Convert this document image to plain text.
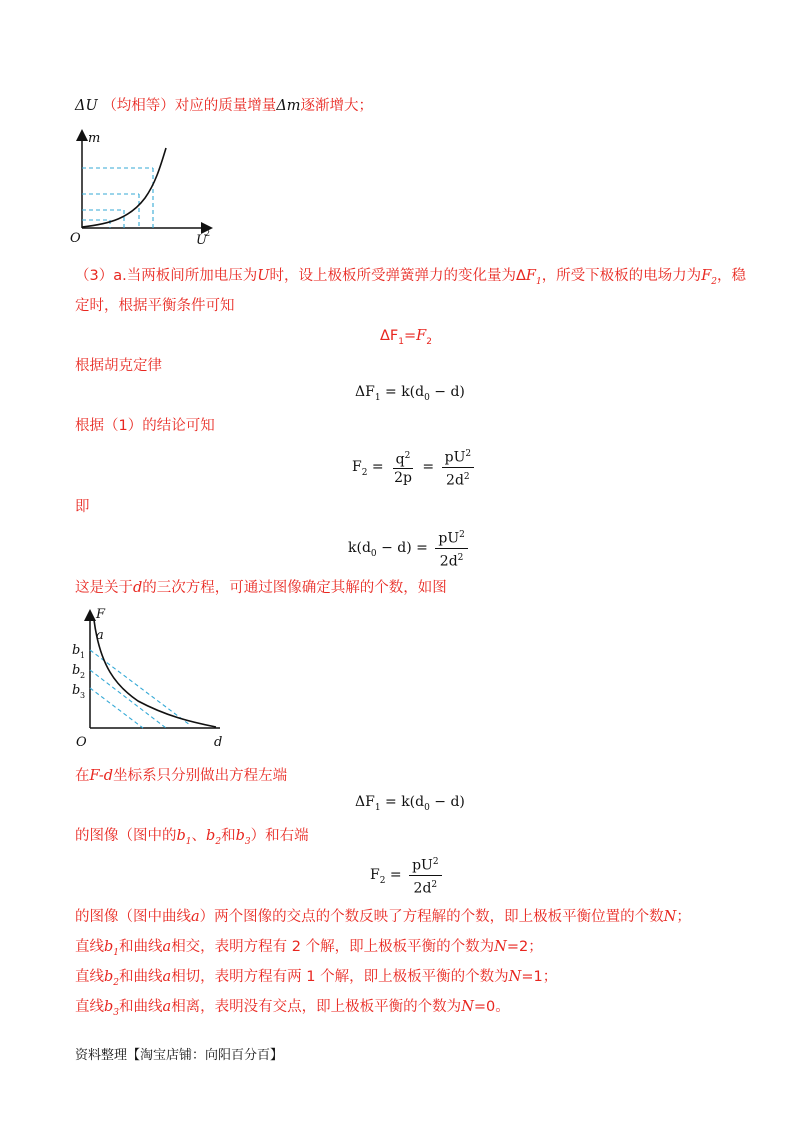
ΔU （均相等）对应的质量增量Δm逐渐增大；
m
O	U
2
（3）a.当两板间所加电压为U时，设上极板所受弹簧弹力的变化量为$\Delta F_1$，所受下极板的电场力为$F_2$，稳
定时，根据平衡条件可知
$\Delta F_1=F_2$
根据胡克定律
$\Delta F_1 = k(d_0 - d)$
根据（1）的结论可知
$F_2 = \frac{q^2}{2p} = \frac{pU^2}{2d^2}$
即
$k(d_0 - d) = \frac{pU^2}{2d^2}$
这是关于d的三次方程，可通过图像确定其解的个数，如图
F
a
b 1
b 2
b 3
O	d
在F-d坐标系只分别做出方程左端
$\Delta F_1 = k(d_0 - d)$
的图像（图中的$b_1$、$b_2$和$b_3$）和右端
$F_2 = \frac{pU^2}{2d^2}$
的图像（图中曲线a）两个图像的交点的个数反映了方程解的个数，即上极板平衡位置的个数N；
直线$b_1$和曲线a相交，表明方程有 2 个解，即上极板平衡的个数为N=2；
直线$b_2$和曲线a相切，表明方程有两 1 个解，即上极板平衡的个数为N=1；
直线$b_3$和曲线a相离，表明没有交点，即上极板平衡的个数为N=0。
资料整理【淘宝店铺：向阳百分百】
